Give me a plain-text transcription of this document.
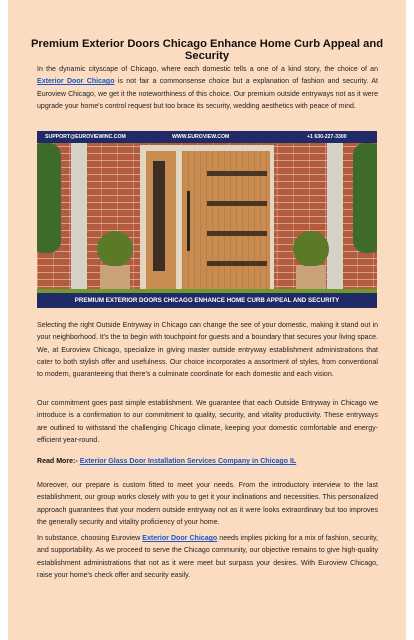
Premium Exterior Doors Chicago Enhance Home Curb Appeal and Security

In the dynamic cityscape of Chicago, where each domestic tells a one of a kind story, the choice of an Exterior Door Chicago is not fair a commonsense choice but a explanation of fashion and security. At Euroview Chicago, we get it the noteworthiness of this choice. Our premium outside entryways not as it were upgrade your home's control request but too brace its security, wedding aesthetics with peace of mind.

SUPPORT@EUROVIEWINC.COM	WWW.EUROVIEW.COM	+1 630-227-3300
PREMIUM EXTERIOR DOORS CHICAGO ENHANCE HOME CURB APPEAL AND SECURITY

Selecting the right Outside Entryway in Chicago can change the see of your domestic, making it stand out in your neighborhood. It's the to begin with touchpoint for guests and a boundary that secures your living space. We, at Euroview Chicago, specialize in giving master outside entryway establishment administrations that cater to both stylish offer and usefulness. Our choice incorporates a assortment of styles, from conventional to modern, guaranteeing that there's a culminate coordinate for each domestic and each vision.

Our commitment goes past simple establishment. We guarantee that each Outside Entryway in Chicago we introduce is a confirmation to our commitment to quality, security, and vitality productivity. These entryways are outlined to withstand the challenging Chicago climate, keeping your domestic comfortable and energy-efficient year-round.

Read More:- Exterior Glass Door Installation Services Company in Chicago IL

Moreover, our prepare is custom fitted to meet your needs. From the introductory interview to the last establishment, our group works closely with you to get it your inclinations and necessities. This personalized approach guarantees that your modern outside entryway not as it were looks extraordinary but too improves the generally security and vitality proficiency of your home.

In substance, choosing Euroview Exterior Door Chicago needs implies picking for a mix of fashion, security, and supportability. As we proceed to serve the Chicago community, our objective remains to give high-quality establishment administrations that not as it were meet but surpass your desires. With Euroview Chicago, raise your home's check offer and security easily.
